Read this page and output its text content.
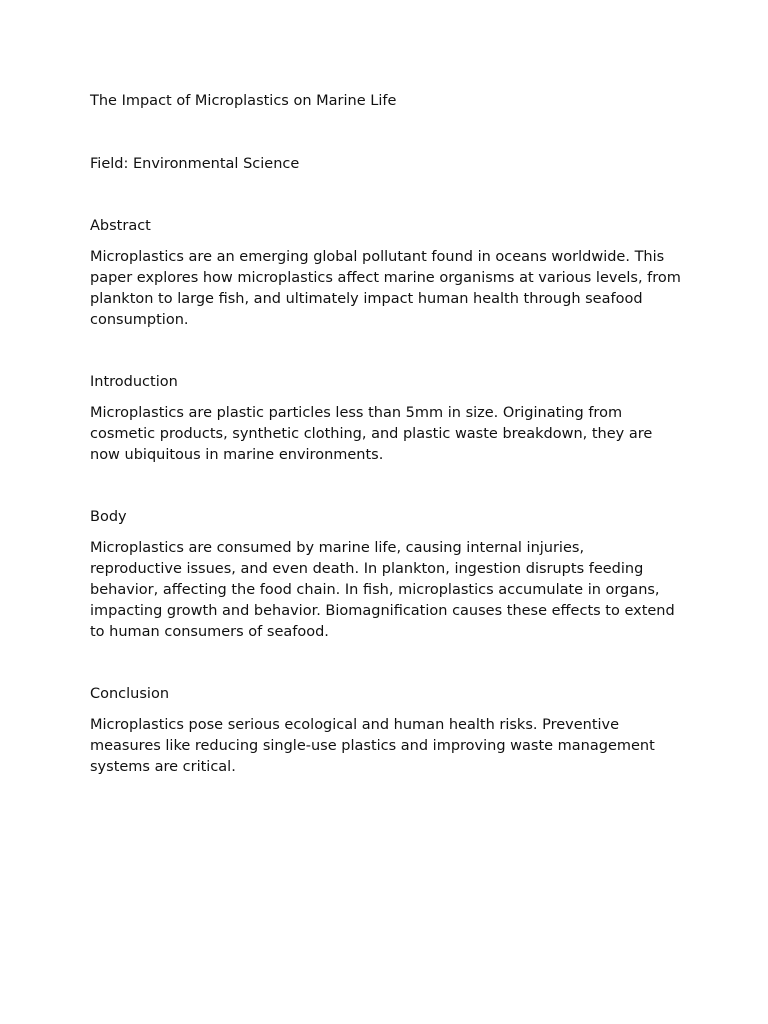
The Impact of Microplastics on Marine Life

Field: Environmental Science

Abstract

Microplastics are an emerging global pollutant found in oceans worldwide. This paper explores how microplastics affect marine organisms at various levels, from plankton to large fish, and ultimately impact human health through seafood consumption.

Introduction

Microplastics are plastic particles less than 5mm in size. Originating from cosmetic products, synthetic clothing, and plastic waste breakdown, they are now ubiquitous in marine environments.

Body

Microplastics are consumed by marine life, causing internal injuries, reproductive issues, and even death. In plankton, ingestion disrupts feeding behavior, affecting the food chain. In fish, microplastics accumulate in organs, impacting growth and behavior. Biomagnification causes these effects to extend to human consumers of seafood.

Conclusion

Microplastics pose serious ecological and human health risks. Preventive measures like reducing single-use plastics and improving waste management systems are critical.
